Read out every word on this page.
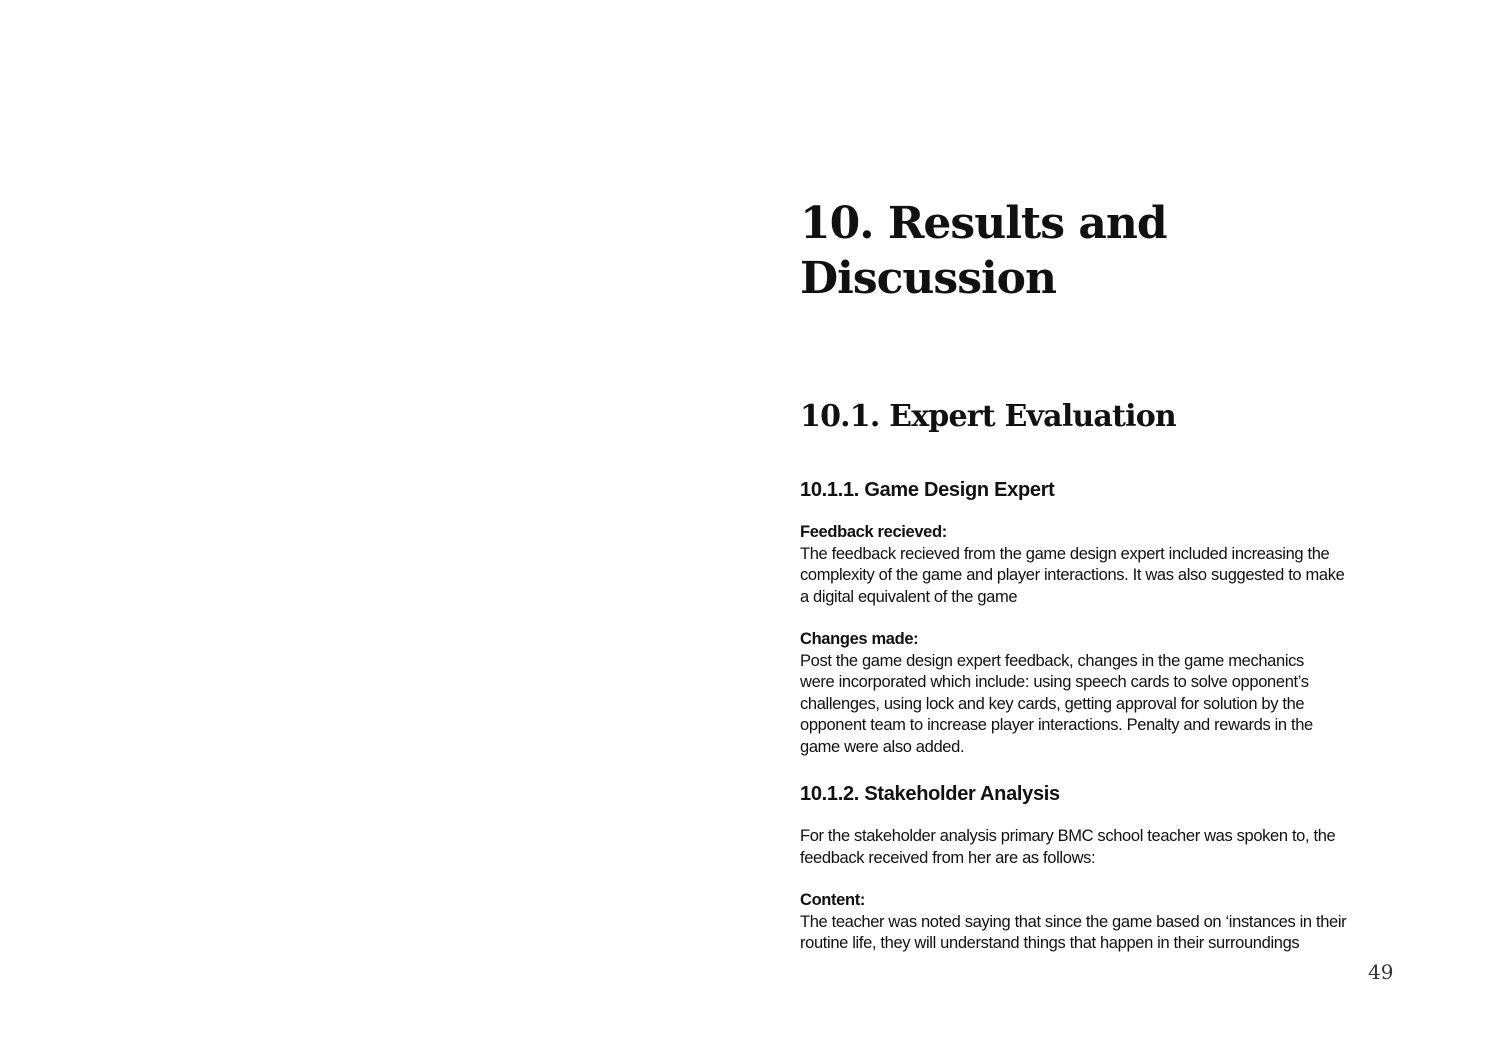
10. Results and
Discussion
10.1. Expert Evaluation
10.1.1. Game Design Expert
Feedback recieved:
The feedback recieved from the game design expert included increasing the
complexity of the game and player interactions. It was also suggested to make
a digital equivalent of the game
Changes made:
Post the game design expert feedback, changes in the game mechanics
were incorporated which include: using speech cards to solve opponent’s
challenges, using lock and key cards, getting approval for solution by the
opponent team to increase player interactions. Penalty and rewards in the
game were also added.
10.1.2. Stakeholder Analysis
For the stakeholder analysis primary BMC school teacher was spoken to, the
feedback received from her are as follows:
Content:
The teacher was noted saying that since the game based on ‘instances in their
routine life, they will understand things that happen in their surroundings
49
